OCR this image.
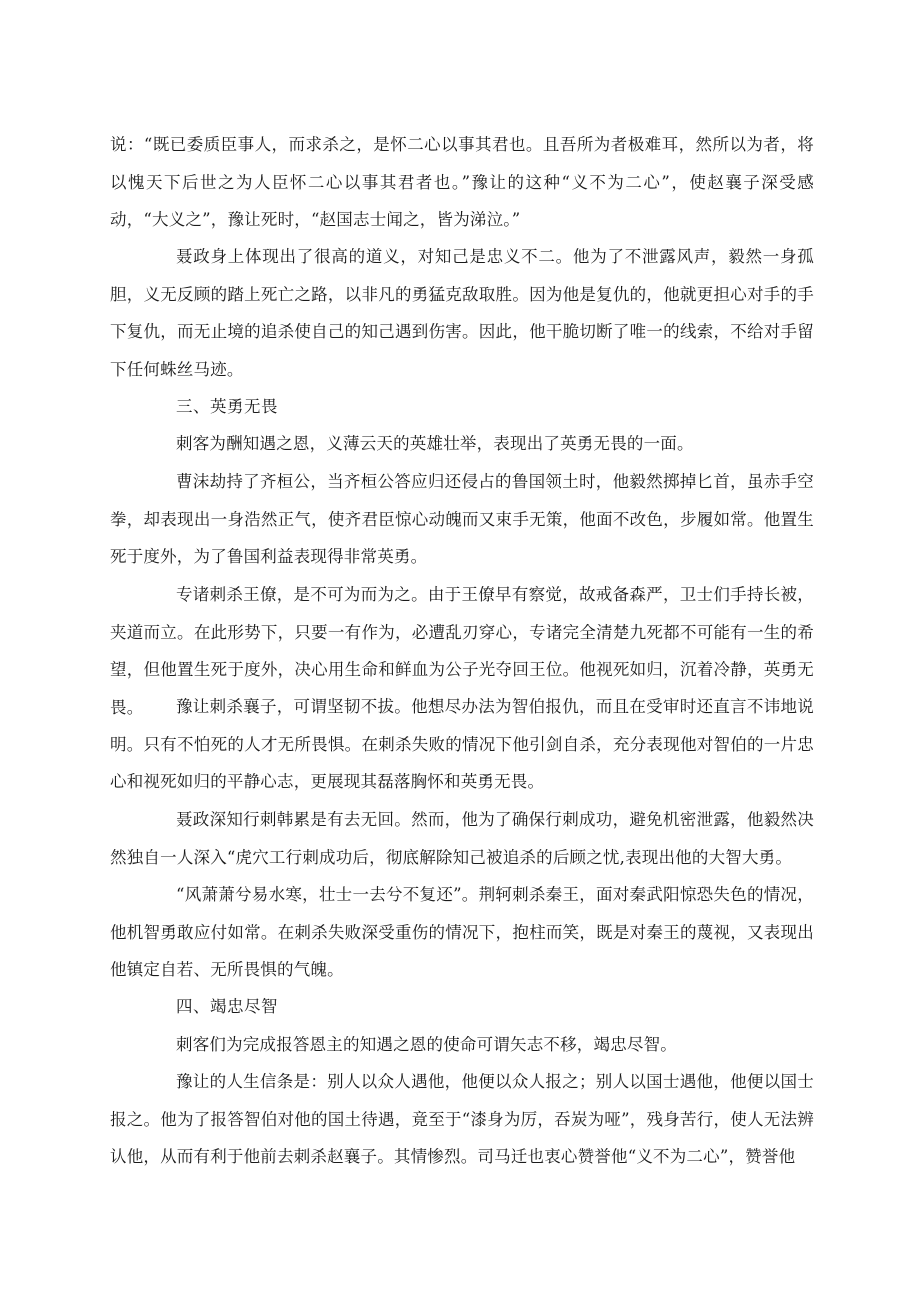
说：“既已委质臣事人，而求杀之，是怀二心以事其君也。且吾所为者极难耳，然所以为者，将以愧天下后世之为人臣怀二心以事其君者也。”豫让的这种“义不为二心”，使赵襄子深受感动，“大义之”，豫让死时，“赵国志士闻之，皆为涕泣。”

聂政身上体现出了很高的道义，对知己是忠义不二。他为了不泄露风声，毅然一身孤胆，义无反顾的踏上死亡之路，以非凡的勇猛克敌取胜。因为他是复仇的，他就更担心对手的手下复仇，而无止境的追杀使自己的知己遇到伤害。因此，他干脆切断了唯一的线索，不给对手留下任何蛛丝马迹。

三、英勇无畏

刺客为酬知遇之恩，义薄云天的英雄壮举，表现出了英勇无畏的一面。

曹沫劫持了齐桓公，当齐桓公答应归还侵占的鲁国领土时，他毅然掷掉匕首，虽赤手空拳，却表现出一身浩然正气，使齐君臣惊心动魄而又束手无策，他面不改色，步履如常。他置生死于度外，为了鲁国利益表现得非常英勇。

专诸刺杀王僚，是不可为而为之。由于王僚早有察觉，故戒备森严，卫士们手持长被，夹道而立。在此形势下，只要一有作为，必遭乱刃穿心，专诸完全清楚九死都不可能有一生的希望，但他置生死于度外，决心用生命和鲜血为公子光夺回王位。他视死如归，沉着冷静，英勇无畏。	豫让刺杀襄子，可谓坚韧不拔。他想尽办法为智伯报仇，而且在受审时还直言不讳地说明。只有不怕死的人才无所畏惧。在刺杀失败的情况下他引剑自杀，充分表现他对智伯的一片忠心和视死如归的平静心志，更展现其磊落胸怀和英勇无畏。

聂政深知行刺韩累是有去无回。然而，他为了确保行刺成功，避免机密泄露，他毅然决然独自一人深入“虎穴工行刺成功后，彻底解除知己被追杀的后顾之忧,表现出他的大智大勇。

“风萧萧兮易水寒，壮士一去兮不复还”。荆轲刺杀秦王，面对秦武阳惊恐失色的情况，他机智勇敢应付如常。在刺杀失败深受重伤的情况下，抱柱而笑，既是对秦王的蔑视，又表现出他镇定自若、无所畏惧的气魄。

四、竭忠尽智

刺客们为完成报答恩主的知遇之恩的使命可谓矢志不移，竭忠尽智。

豫让的人生信条是：别人以众人遇他，他便以众人报之；别人以国士遇他，他便以国士报之。他为了报答智伯对他的国土待遇，竟至于“漆身为厉，吞炭为哑”，残身苦行，使人无法辨认他，从而有利于他前去刺杀赵襄子。其情惨烈。司马迁也衷心赞誉他“义不为二心”，赞誉他
